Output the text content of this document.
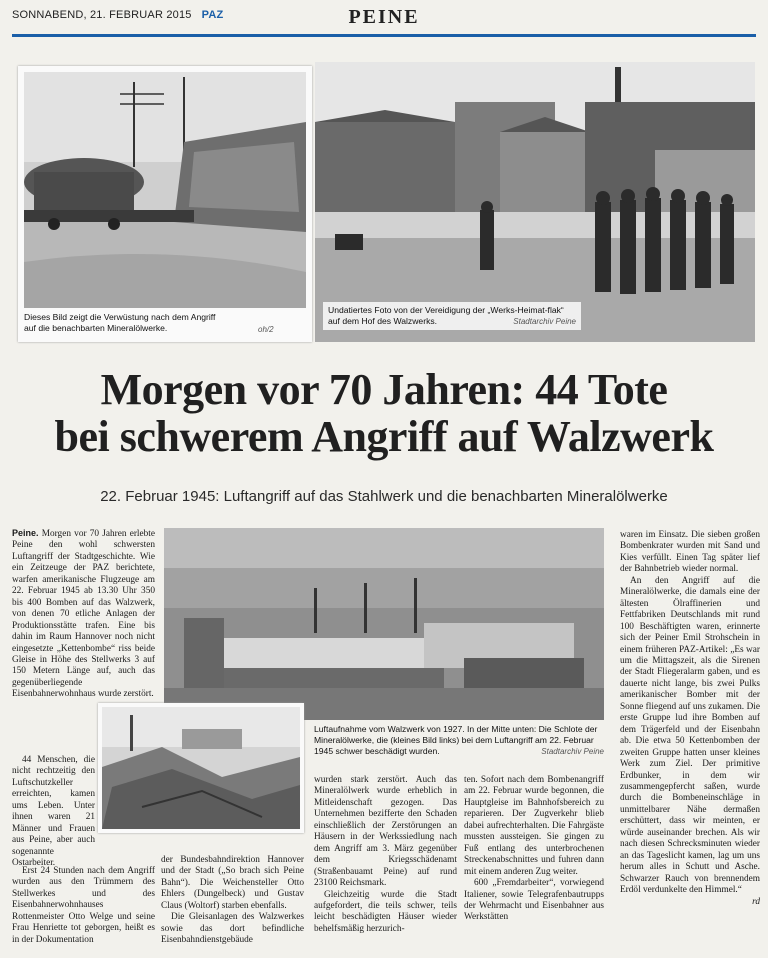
SONNABEND, 21. FEBRUAR 2015 PAZ	PEINE
Dieses Bild zeigt die Verwüstung nach dem Angriff auf die benachbarten Mineralölwerke.	oh/2
Undatiertes Foto von der Vereidigung der „Werks-Heimat-flak“ auf dem Hof des Walzwerks.	Stadtarchiv Peine
Morgen vor 70 Jahren: 44 Tote
bei schwerem Angriff auf Walzwerk
22. Februar 1945: Luftangriff auf das Stahlwerk und die benachbarten Mineralölwerke

Peine. Morgen vor 70 Jahren erlebte Peine den wohl schwersten Luftangriff der Stadtgeschichte. Wie ein Zeitzeuge der PAZ berichtete, warfen amerikanische Flugzeuge am 22. Februar 1945 ab 13.30 Uhr 350 bis 400 Bomben auf das Walzwerk, von denen 70 etliche Anlagen der Produktionsstätte trafen. Eine bis dahin im Raum Hannover noch nicht eingesetzte „Kettenbombe“ riss beide Gleise in Höhe des Stellwerks 3 auf 150 Metern Länge auf, auch das gegenüberliegende Eisenbahnerwohnhaus wurde zerstört.

44 Menschen, die nicht rechtzeitig den Luftschutzkeller erreichten, kamen ums Leben. Unter ihnen waren 21 Männer und Frauen aus Peine, aber auch sogenannte Ostarbeiter.

Erst 24 Stunden nach dem Angriff wurden aus den Trümmern des Stellwerkes und des Eisenbahnerwohnhauses Rottenmeister Otto Welge und seine Frau Henriette tot geborgen, heißt es in der Dokumentation

Luftaufnahme vom Walzwerk von 1927. In der Mitte unten: Die Schlote der Mineralölwerke, die (kleines Bild links) bei dem Luftangriff am 22. Februar 1945 schwer beschädigt wurden.	Stadtarchiv Peine

der Bundesbahndirektion Hannover und der Stadt („So brach sich Peine Bahn“). Die Weichensteller Otto Ehlers (Dungelbeck) und Gustav Claus (Woltorf) starben ebenfalls.

Die Gleisanlagen des Walzwerkes sowie das dort befindliche Eisenbahndienstgebäude

wurden stark zerstört. Auch das Mineralölwerk wurde erheblich in Mitleidenschaft gezogen. Das Unternehmen bezifferte den Schaden einschließlich der Zerstörungen an Häusern in der Werkssiedlung nach dem Angriff am 3. März gegenüber dem Kriegsschädenamt (Straßenbauamt Peine) auf rund 23100 Reichsmark.

Gleichzeitig wurde die Stadt aufgefordert, die teils schwer, teils leicht beschädigten Häuser wieder behelfsmäßig herzurich-

ten. Sofort nach dem Bombenangriff am 22. Februar wurde begonnen, die Hauptgleise im Bahnhofsbereich zu reparieren. Der Zugverkehr blieb dabei aufrechterhalten. Die Fahrgäste mussten aussteigen. Sie gingen zu Fuß entlang des unterbrochenen Streckenabschnittes und fuhren dann mit einem anderen Zug weiter.

600 „Fremdarbeiter“, vorwiegend Italiener, sowie Telegrafenbautrupps der Wehrmacht und Eisenbahner aus Werkstätten

waren im Einsatz. Die sieben großen Bombenkrater wurden mit Sand und Kies verfüllt. Einen Tag später lief der Bahnbetrieb wieder normal.

An den Angriff auf die Mineralölwerke, die damals eine der ältesten Ölraffinerien und Fettfabriken Deutschlands mit rund 100 Beschäftigten waren, erinnerte sich der Peiner Emil Strohschein in einem früheren PAZ-Artikel: „Es war um die Mittagszeit, als die Sirenen der Stadt Fliegeralarm gaben, und es dauerte nicht lange, bis zwei Pulks amerikanischer Bomber mit der Sonne fliegend auf uns zukamen. Die erste Gruppe lud ihre Bomben auf dem Trägerfeld und der Eisenbahn ab. Die etwa 50 Kettenbomben der zweiten Gruppe hatten unser kleines Werk zum Ziel. Der primitive Erdbunker, in dem wir zusammengepfercht saßen, wurde durch die Bombeneinschläge in unmittelbarer Nähe dermaßen erschüttert, dass wir meinten, er würde auseinander brechen. Als wir nach diesen Schrecksminuten wieder an das Tageslicht kamen, lag um uns herum alles in Schutt und Asche. Schwarzer Rauch von brennendem Erdöl verdunkelte den Himmel.“

rd
